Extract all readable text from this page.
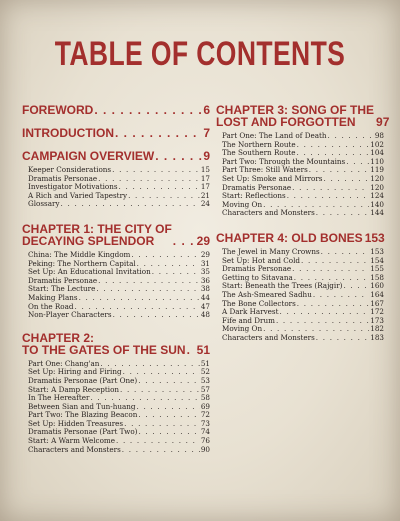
TABLE OF CONTENTS
FOREWORD . . .	6
INTRODUCTION . . .	7
CAMPAIGN OVERVIEW . . .	9
Keeper Considerations . . .	15
Dramatis Personae . . .	17
Investigator Motivations . . .	17
A Rich and Varied Tapestry . . .	21
Glossary . . .	24
CHAPTER 1: THE CITY OF
DECAYING SPLENDOR . . .	29
China: The Middle Kingdom . . .	29
Peking: The Northern Capital . . .	31
Set Up: An Educational Invitation . . .	35
Dramatis Personae . . .	36
Start: The Lecture . . .	38
Making Plans . . .	44
On the Road . . .	47
Non-Player Characters . . .	48
CHAPTER 2:
TO THE GATES OF THE SUN . . . 51
Part One: Chang'an . . .	51
Set Up: Hiring and Firing . . .	52
Dramatis Personae (Part One) . . .	53
Start: A Damp Reception . . .	57
In The Hereafter . . .	58
Between Sian and Tun-huang . . .	69
Part Two: The Blazing Beacon . . .	72
Set Up: Hidden Treasures . . .	73
Dramatis Personae (Part Two) . . .	74
Start: A Warm Welcome . . .	76
Characters and Monsters . . .	90
CHAPTER 3: SONG OF THE
LOST AND FORGOTTEN	97
Part One: The Land of Death . . .	98
The Northern Route . . .	102
The Southern Route . . .	104
Part Two: Through the Mountains . . .	110
Part Three: Still Waters . . .	119
Set Up: Smoke and Mirrors . . .	120
Dramatis Personae . . .	120
Start: Reflections . . .	124
Moving On . . .	140
Characters and Monsters . . .	144
CHAPTER 4: OLD BONES 153
The Jewel in Many Crowns . . .	153
Set Up: Hot and Cold . . .	154
Dramatis Personae . . .	155
Getting to Sitavana . . .	158
Start: Beneath the Trees (Rajgir) . . .	160
The Ash-Smeared Sadhu . . .	164
The Bone Collectors . . .	167
A Dark Harvest . . .	172
Fife and Drum . . .	173
Moving On . . .	182
Characters and Monsters . . .	183
